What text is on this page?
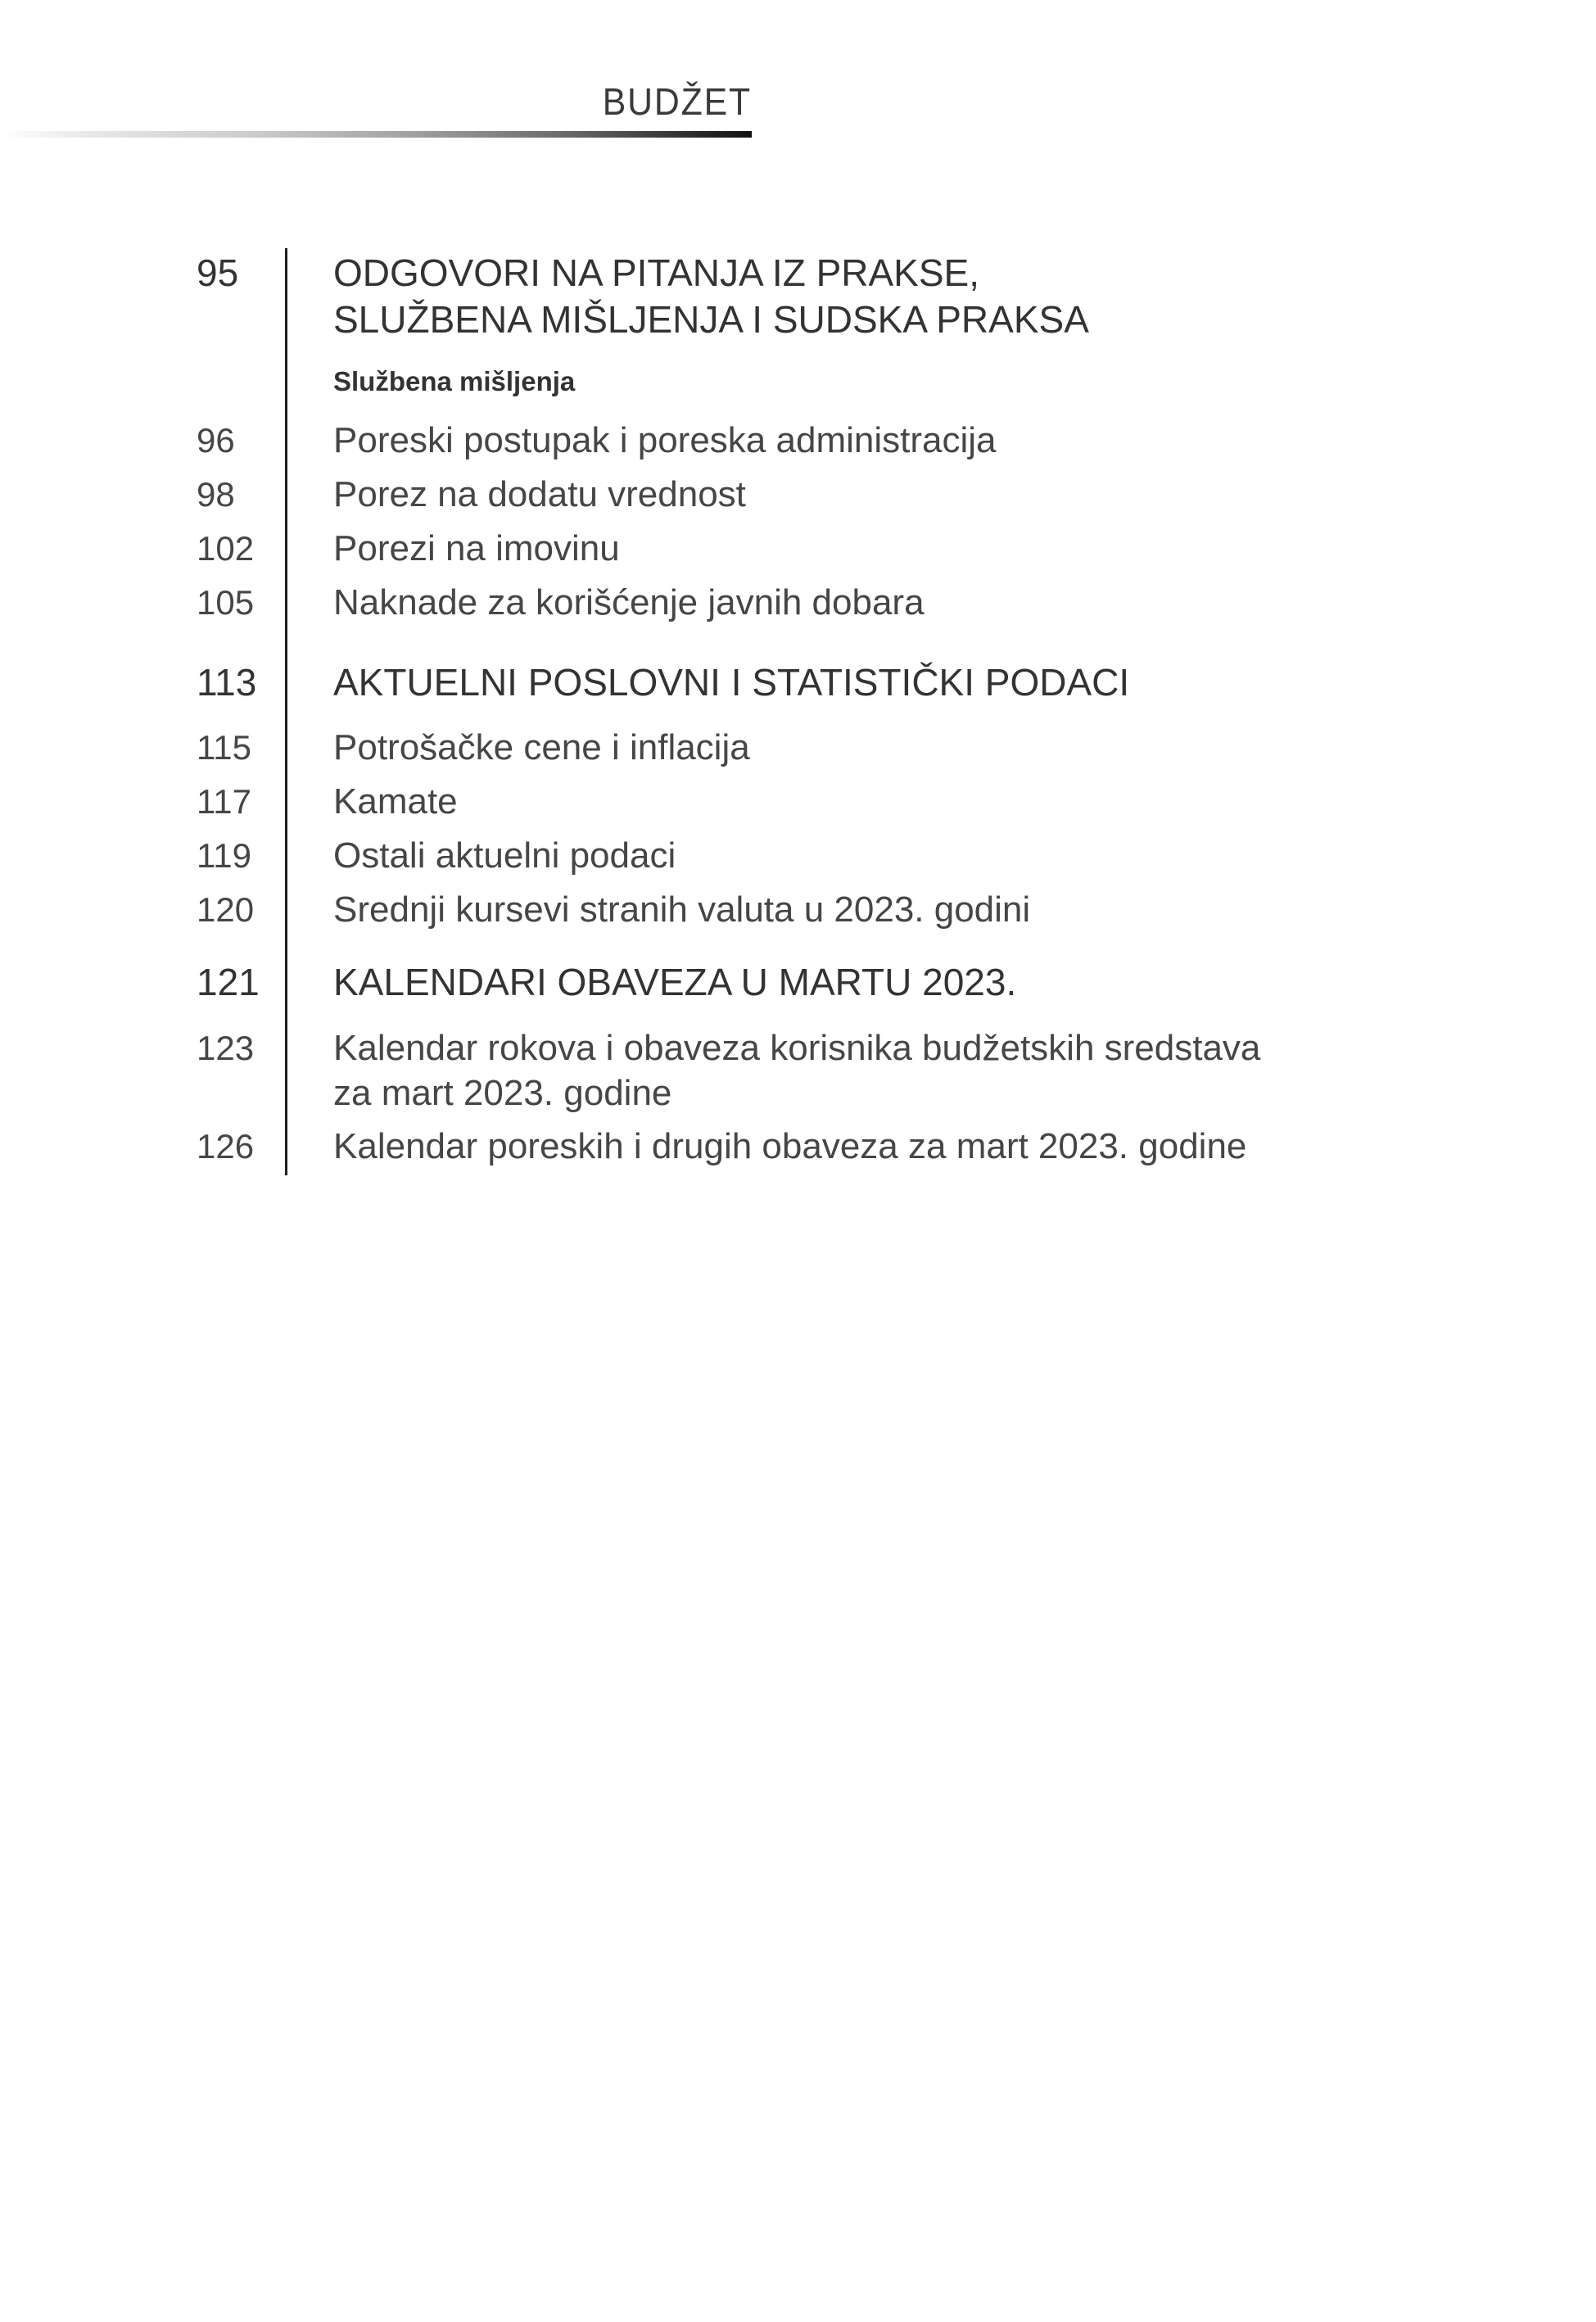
BUDŽET
95	ODGOVORI NA PITANJA IZ PRAKSE,
SLUŽBENA MIŠLJENJA I SUDSKA PRAKSA
Službena mišljenja
96	Poreski postupak i poreska administracija
98	Porez na dodatu vrednost
102	Porezi na imovinu
105	Naknade za korišćenje javnih dobara
113	AKTUELNI POSLOVNI I STATISTIČKI PODACI
115	Potrošačke cene i inflacija
117	Kamate
119	Ostali aktuelni podaci
120	Srednji kursevi stranih valuta u 2023. godini
121	KALENDARI OBAVEZA U MARTU 2023.
123	Kalendar rokova i obaveza korisnika budžetskih sredstava
za mart 2023. godine
126	Kalendar poreskih i drugih obaveza za mart 2023. godine
